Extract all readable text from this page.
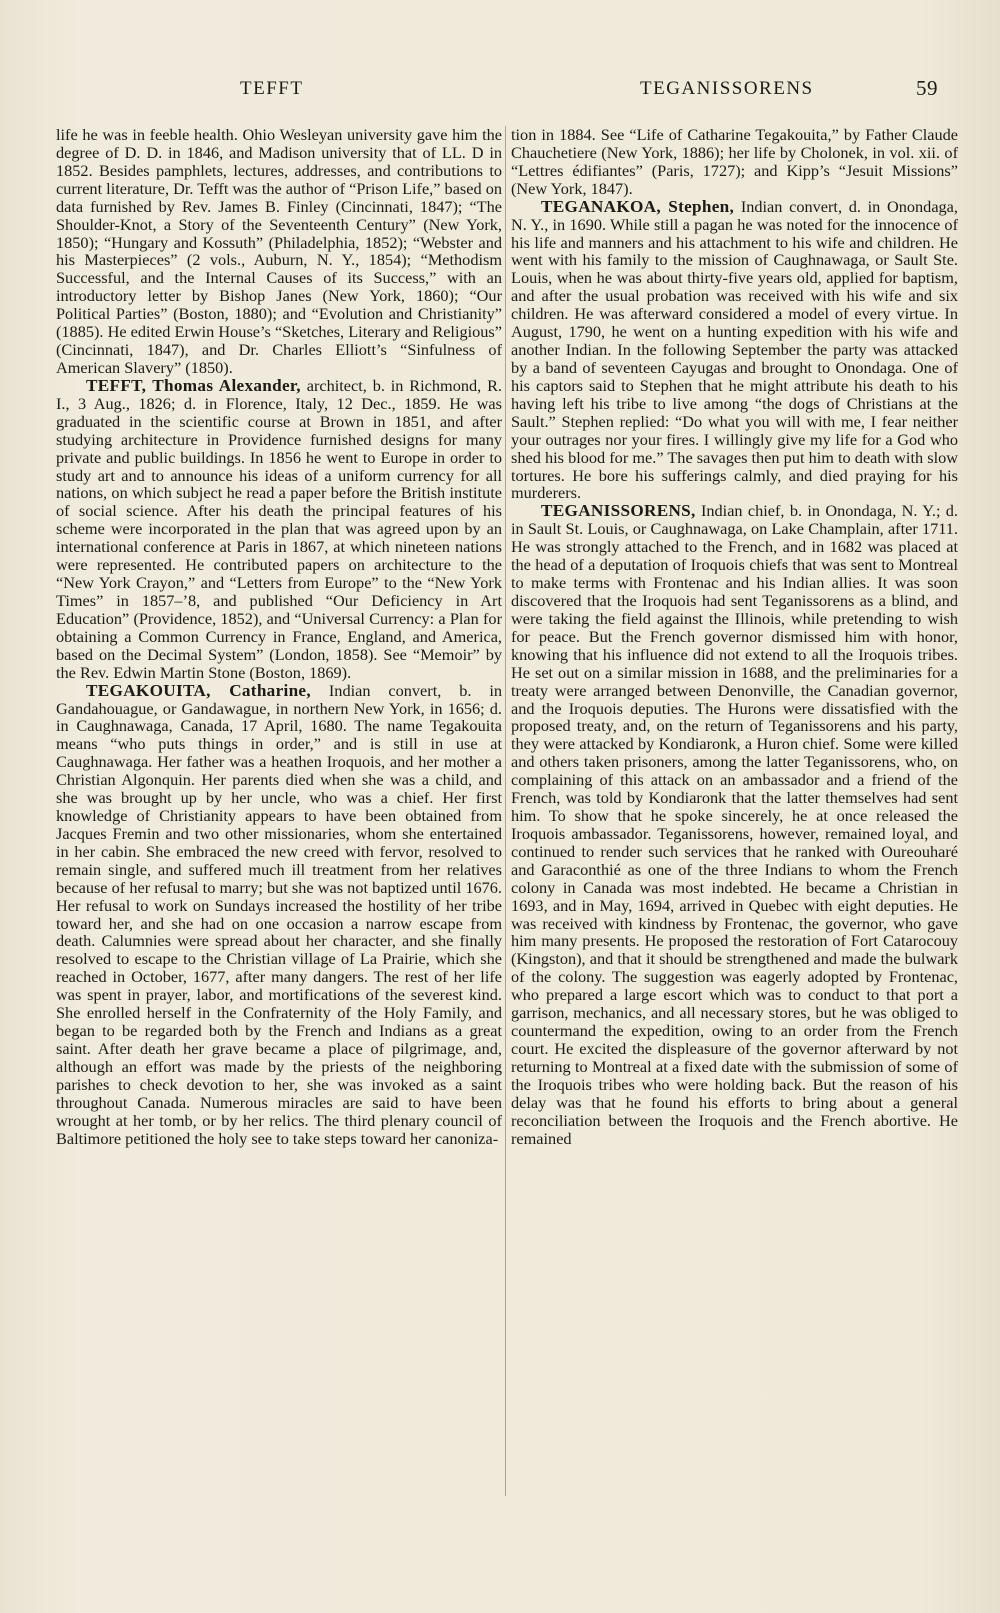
TEFFT	TEGANISSORENS	59

life he was in feeble health. Ohio Wesleyan university gave him the degree of D. D. in 1846, and Madison university that of LL. D in 1852. Besides pamphlets, lectures, addresses, and contributions to current literature, Dr. Tefft was the author of “Prison Life,” based on data furnished by Rev. James B. Finley (Cincinnati, 1847); “The Shoulder-Knot, a Story of the Seventeenth Century” (New York, 1850); “Hungary and Kossuth” (Philadelphia, 1852); “Webster and his Masterpieces” (2 vols., Auburn, N. Y., 1854); “Methodism Successful, and the Internal Causes of its Success,” with an introductory letter by Bishop Janes (New York, 1860); “Our Political Parties” (Boston, 1880); and “Evolution and Christianity” (1885). He edited Erwin House’s “Sketches, Literary and Religious” (Cincinnati, 1847), and Dr. Charles Elliott’s “Sinfulness of American Slavery” (1850).

TEFFT, Thomas Alexander, architect, b. in Richmond, R. I., 3 Aug., 1826; d. in Florence, Italy, 12 Dec., 1859. He was graduated in the scientific course at Brown in 1851, and after studying architecture in Providence furnished designs for many private and public buildings. In 1856 he went to Europe in order to study art and to announce his ideas of a uniform currency for all nations, on which subject he read a paper before the British institute of social science. After his death the principal features of his scheme were incorporated in the plan that was agreed upon by an international conference at Paris in 1867, at which nineteen nations were represented. He contributed papers on architecture to the “New York Crayon,” and “Letters from Europe” to the “New York Times” in 1857–’8, and published “Our Deficiency in Art Education” (Providence, 1852), and “Universal Currency: a Plan for obtaining a Common Currency in France, England, and America, based on the Decimal System” (London, 1858). See “Memoir” by the Rev. Edwin Martin Stone (Boston, 1869).

TEGAKOUITA, Catharine, Indian convert, b. in Gandahouague, or Gandawague, in northern New York, in 1656; d. in Caughnawaga, Canada, 17 April, 1680. The name Tegakouita means “who puts things in order,” and is still in use at Caughnawaga. Her father was a heathen Iroquois, and her mother a Christian Algonquin. Her parents died when she was a child, and she was brought up by her uncle, who was a chief. Her first knowledge of Christianity appears to have been obtained from Jacques Fremin and two other missionaries, whom she entertained in her cabin. She embraced the new creed with fervor, resolved to remain single, and suffered much ill treatment from her relatives because of her refusal to marry; but she was not baptized until 1676. Her refusal to work on Sundays increased the hostility of her tribe toward her, and she had on one occasion a narrow escape from death. Calumnies were spread about her character, and she finally resolved to escape to the Christian village of La Prairie, which she reached in October, 1677, after many dangers. The rest of her life was spent in prayer, labor, and mortifications of the severest kind. She enrolled herself in the Confraternity of the Holy Family, and began to be regarded both by the French and Indians as a great saint. After death her grave became a place of pilgrimage, and, although an effort was made by the priests of the neighboring parishes to check devotion to her, she was invoked as a saint throughout Canada. Numerous miracles are said to have been wrought at her tomb, or by her relics. The third plenary council of Baltimore petitioned the holy see to take steps toward her canoniza-

tion in 1884. See “Life of Catharine Tegakouita,” by Father Claude Chauchetiere (New York, 1886); her life by Cholonek, in vol. xii. of “Lettres édifiantes” (Paris, 1727); and Kipp’s “Jesuit Missions” (New York, 1847).

TEGANAKOA, Stephen, Indian convert, d. in Onondaga, N. Y., in 1690. While still a pagan he was noted for the innocence of his life and manners and his attachment to his wife and children. He went with his family to the mission of Caughnawaga, or Sault Ste. Louis, when he was about thirty-five years old, applied for baptism, and after the usual probation was received with his wife and six children. He was afterward considered a model of every virtue. In August, 1790, he went on a hunting expedition with his wife and another Indian. In the following September the party was attacked by a band of seventeen Cayugas and brought to Onondaga. One of his captors said to Stephen that he might attribute his death to his having left his tribe to live among “the dogs of Christians at the Sault.” Stephen replied: “Do what you will with me, I fear neither your outrages nor your fires. I willingly give my life for a God who shed his blood for me.” The savages then put him to death with slow tortures. He bore his sufferings calmly, and died praying for his murderers.

TEGANISSORENS, Indian chief, b. in Onondaga, N. Y.; d. in Sault St. Louis, or Caughnawaga, on Lake Champlain, after 1711. He was strongly attached to the French, and in 1682 was placed at the head of a deputation of Iroquois chiefs that was sent to Montreal to make terms with Frontenac and his Indian allies. It was soon discovered that the Iroquois had sent Teganissorens as a blind, and were taking the field against the Illinois, while pretending to wish for peace. But the French governor dismissed him with honor, knowing that his influence did not extend to all the Iroquois tribes. He set out on a similar mission in 1688, and the preliminaries for a treaty were arranged between Denonville, the Canadian governor, and the Iroquois deputies. The Hurons were dissatisfied with the proposed treaty, and, on the return of Teganissorens and his party, they were attacked by Kondiaronk, a Huron chief. Some were killed and others taken prisoners, among the latter Teganissorens, who, on complaining of this attack on an ambassador and a friend of the French, was told by Kondiaronk that the latter themselves had sent him. To show that he spoke sincerely, he at once released the Iroquois ambassador. Teganissorens, however, remained loyal, and continued to render such services that he ranked with Oureouharé and Garaconthié as one of the three Indians to whom the French colony in Canada was most indebted. He became a Christian in 1693, and in May, 1694, arrived in Quebec with eight deputies. He was received with kindness by Frontenac, the governor, who gave him many presents. He proposed the restoration of Fort Catarocouy (Kingston), and that it should be strengthened and made the bulwark of the colony. The suggestion was eagerly adopted by Frontenac, who prepared a large escort which was to conduct to that port a garrison, mechanics, and all necessary stores, but he was obliged to countermand the expedition, owing to an order from the French court. He excited the displeasure of the governor afterward by not returning to Montreal at a fixed date with the submission of some of the Iroquois tribes who were holding back. But the reason of his delay was that he found his efforts to bring about a general reconciliation between the Iroquois and the French abortive. He remained
